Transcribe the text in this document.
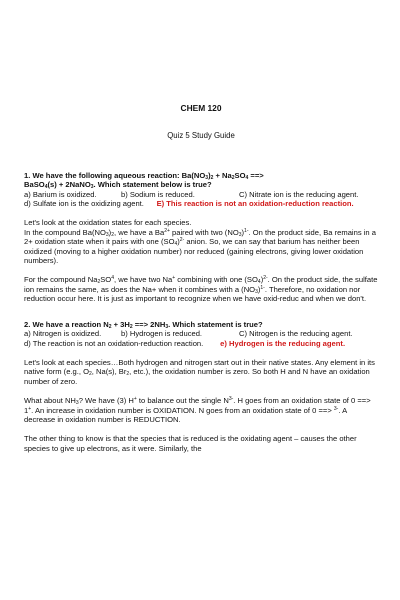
CHEM 120

Quiz 5 Study Guide

1. We have the following aqueous reaction: $Ba(NO_3)_2 + Na_2SO_4$ ==>
BaSO$_4$(s) + 2NaNO$_3$. Which statement below is true?

a) Barium is oxidized.	b) Sodium is reduced.	C) Nitrate ion is the reducing agent.
d) Sulfate ion is the oxidizing agent. E) This reaction is not an oxidation-reduction reaction.

Let's look at the oxidation states for each species.
In the compound $Ba(NO_3)_2$, we have a $Ba^{2+}$ paired with two $(NO_3)^{1-}$. On the product side, Ba remains in a 2+ oxidation state when it pairs with one $(SO_4)^{2-}$ anion. So, we can say that barium has neither been oxidized (moving to a higher oxidation number) nor reduced (gaining electrons, giving lower oxidation numbers).

For the compound $Na_2SO^4$, we have two Na+ combining with one $(SO_4)^{2-}$. On the product side, the sulfate ion remains the same, as does the Na+ when it combines with a $(NO_3)^{1-}$. Therefore, no oxidation nor reduction occur here. It is just as important to recognize when we have oxid-reduc and when we don't.

2. We have a reaction $N_2 + 3H_2$ ==> $2NH_3$. Which statement is true?

a) Nitrogen is oxidized.	b) Hydrogen is reduced.	C) Nitrogen is the reducing agent.
d) The reaction is not an oxidation-reduction reaction. e) Hydrogen is the reducing agent.

Let's look at each species…Both hydrogen and nitrogen start out in their native states. Any element in its native form (e.g., $O_2$, Na(s), $Br_2$, etc.), the oxidation number is zero. So both H and N have an oxidation number of zero.

What about $NH_3$? We have (3) H+ to balance out the single $N^{3-}$. H goes from an oxidation state of 0 ==> 1+. An increase in oxidation number is OXIDATION. N goes from an oxidation state of 0 ==> $^{3-}$. A decrease in oxidation number is REDUCTION.

The other thing to know is that the species that is reduced is the oxidating agent – causes the other species to give up electrons, as it were. Similarly, the
